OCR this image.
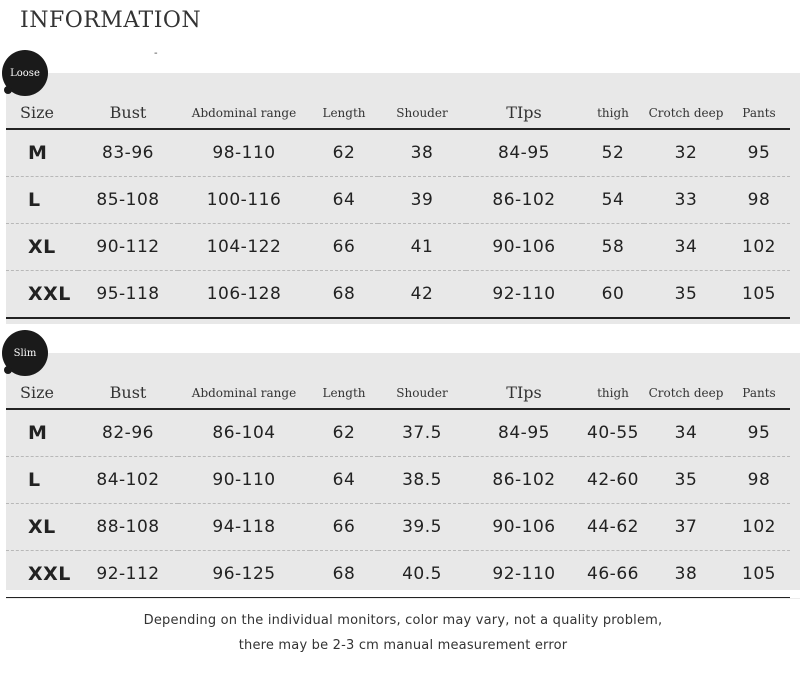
INFORMATION
-
Loose
Size	Bust	Abdominal range	Length	Shouder	TIps	thigh	Crotch deep	Pants
M	83-96	98-110	62	38	84-95	52	32	95
L	85-108	100-116	64	39	86-102	54	33	98
XL	90-112	104-122	66	41	90-106	58	34	102
XXL	95-118	106-128	68	42	92-110	60	35	105
Slim
Size	Bust	Abdominal range	Length	Shouder	TIps	thigh	Crotch deep	Pants
M	82-96	86-104	62	37.5	84-95	40-55	34	95
L	84-102	90-110	64	38.5	86-102	42-60	35	98
XL	88-108	94-118	66	39.5	90-106	44-62	37	102
XXL	92-112	96-125	68	40.5	92-110	46-66	38	105

Depending on the individual monitors, color may vary, not a quality problem,

there may be 2-3 cm manual measurement error
